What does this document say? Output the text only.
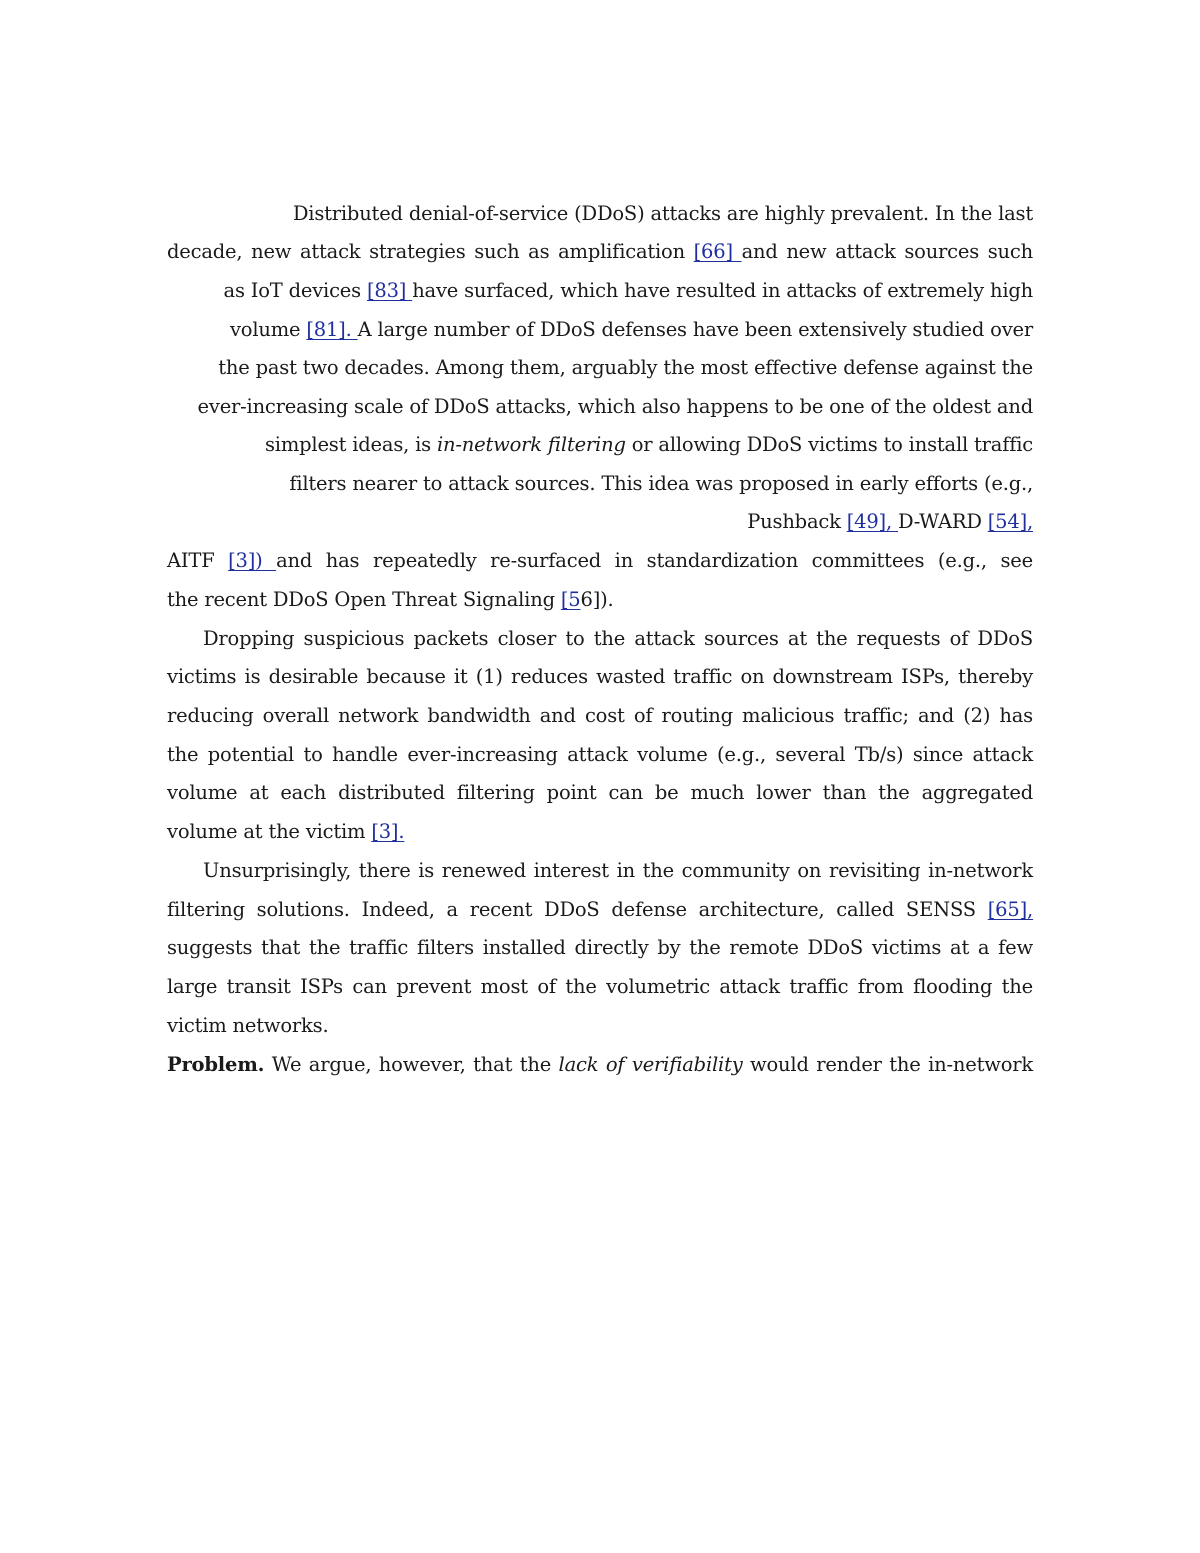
Distributed denial-of-service (DDoS) attacks are highly prevalent. In the last
decade, new attack strategies such as amplification [66] and new attack sources such
as IoT devices [83] have surfaced, which have resulted in attacks of extremely high
volume [81]. A large number of DDoS defenses have been extensively studied over
the past two decades. Among them, arguably the most effective defense against the
ever-increasing scale of DDoS attacks, which also happens to be one of the oldest and
simplest ideas, is in-network filtering or allowing DDoS victims to install traffic
filters nearer to attack sources. This idea was proposed in early efforts (e.g.,
Pushback [49], D-WARD [54],
AITF [3]) and has repeatedly re-surfaced in standardization committees (e.g., see
the recent DDoS Open Threat Signaling [56]).
Dropping suspicious packets closer to the attack sources at the requests of DDoS
victims is desirable because it (1) reduces wasted traffic on downstream ISPs, thereby
reducing overall network bandwidth and cost of routing malicious traffic; and (2) has
the potential to handle ever-increasing attack volume (e.g., several Tb/s) since attack
volume at each distributed filtering point can be much lower than the aggregated
volume at the victim [3].
Unsurprisingly, there is renewed interest in the community on revisiting in-network
filtering solutions. Indeed, a recent DDoS defense architecture, called SENSS [65],
suggests that the traffic filters installed directly by the remote DDoS victims at a few
large transit ISPs can prevent most of the volumetric attack traffic from flooding the
victim networks.
Problem. We argue, however, that the lack of verifiability would render the in-network
